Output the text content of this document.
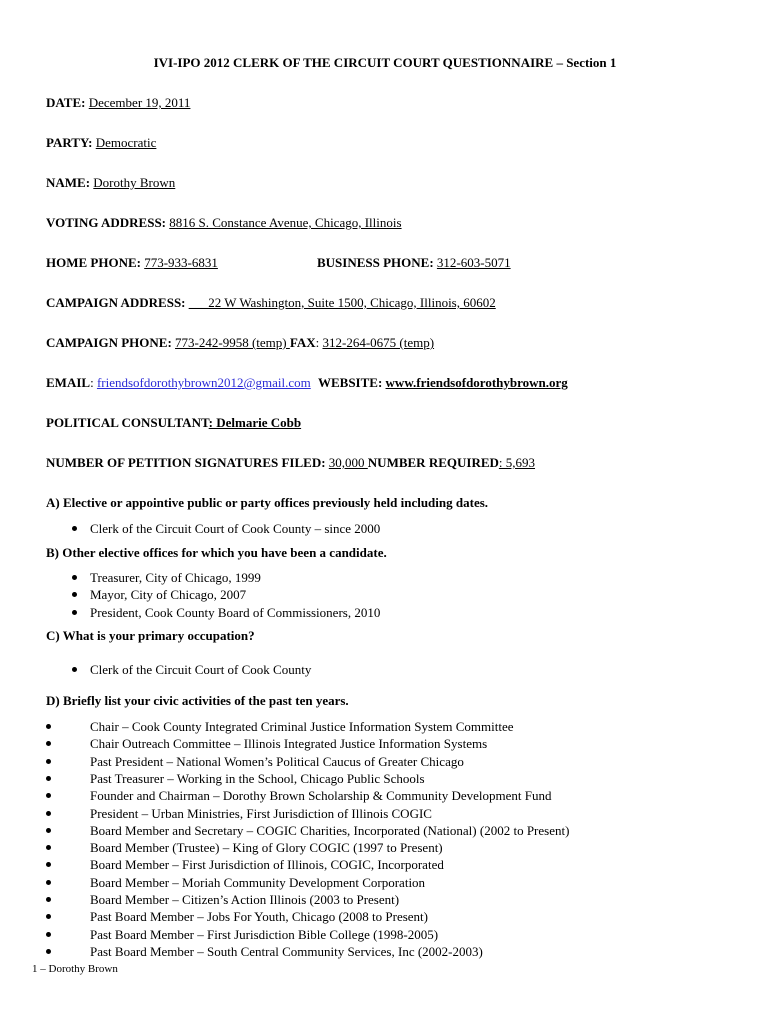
IVI-IPO 2012 CLERK OF THE CIRCUIT COURT QUESTIONNAIRE – Section 1
DATE: December 19, 2011
PARTY: Democratic
NAME: Dorothy Brown
VOTING ADDRESS: 8816 S. Constance Avenue, Chicago, Illinois
HOME PHONE: 773-933-6831	BUSINESS PHONE: 312-603-5071
CAMPAIGN ADDRESS: ___22 W Washington, Suite 1500, Chicago, Illinois, 60602
CAMPAIGN PHONE: 773-242-9958 (temp) FAX: 312-264-0675 (temp)
EMAIL: friendsofdorothybrown2012@gmail.com WEBSITE: www.friendsofdorothybrown.org
POLITICAL CONSULTANT: Delmarie Cobb
NUMBER OF PETITION SIGNATURES FILED: 30,000 NUMBER REQUIRED: 5,693
A) Elective or appointive public or party offices previously held including dates.
Clerk of the Circuit Court of Cook County – since 2000
B) Other elective offices for which you have been a candidate.
Treasurer, City of Chicago, 1999
Mayor, City of Chicago, 2007
President, Cook County Board of Commissioners, 2010
C) What is your primary occupation?
Clerk of the Circuit Court of Cook County
D) Briefly list your civic activities of the past ten years.
Chair – Cook County Integrated Criminal Justice Information System Committee
Chair Outreach Committee – Illinois Integrated Justice Information Systems
Past President – National Women’s Political Caucus of Greater Chicago
Past Treasurer – Working in the School, Chicago Public Schools
Founder and Chairman – Dorothy Brown Scholarship & Community Development Fund
President – Urban Ministries, First Jurisdiction of Illinois COGIC
Board Member and Secretary – COGIC Charities, Incorporated (National) (2002 to Present)
Board Member (Trustee) – King of Glory COGIC (1997 to Present)
Board Member – First Jurisdiction of Illinois, COGIC, Incorporated
Board Member – Moriah Community Development Corporation
Board Member – Citizen’s Action Illinois (2003 to Present)
Past Board Member – Jobs For Youth, Chicago (2008 to Present)
Past Board Member – First Jurisdiction Bible College (1998-2005)
Past Board Member – South Central Community Services, Inc (2002-2003)
1 – Dorothy Brown
